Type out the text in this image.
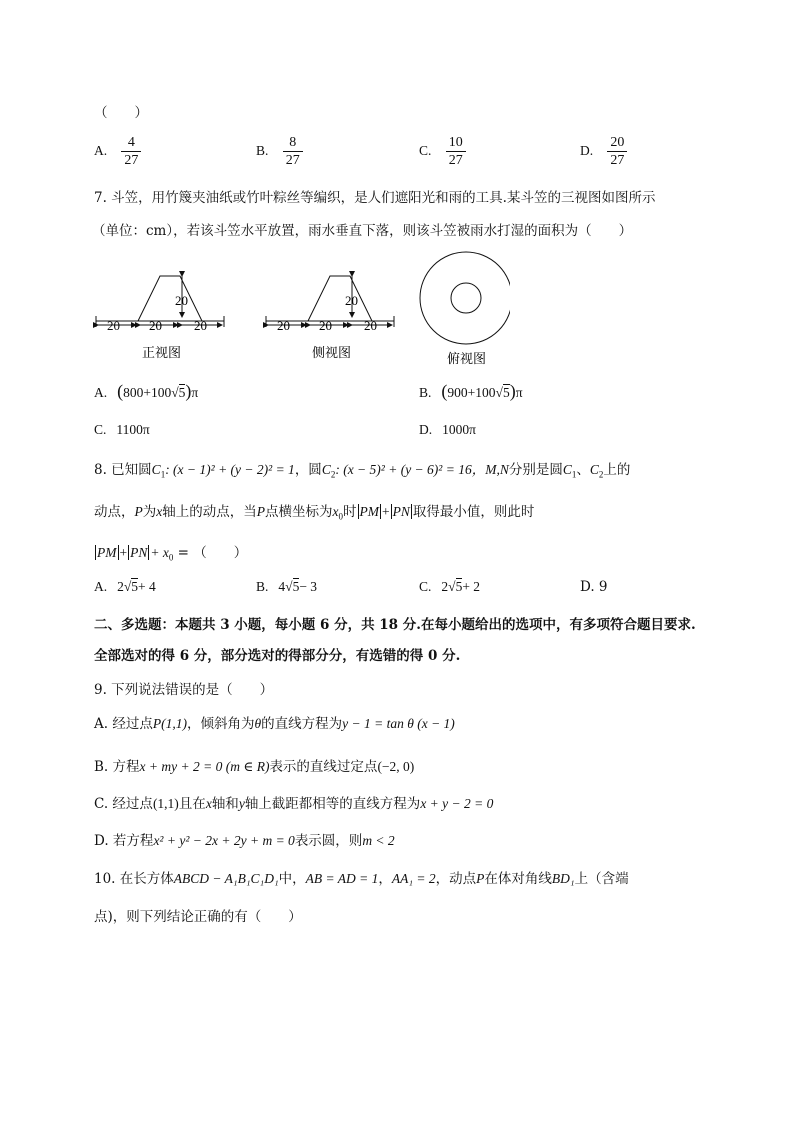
（　　）
A. $\frac{4}{27}$	B. $\frac{8}{27}$	C. $\frac{10}{27}$	D. $\frac{20}{27}$
7. 斗笠，用竹篾夹油纸或竹叶粽丝等编织，是人们遮阳光和雨的工具.某斗笠的三视图如图所示
（单位：cm），若该斗笠水平放置，雨水垂直下落，则该斗笠被雨水打湿的面积为（　　）
20
20 20 20
正视图
20
20 20 20
侧视图	俯视图
A. (800+100√5)π	B. (900+100√5)π
C. 1100π	D. 1000π
8. 已知圆$C_1$: (x − 1)² + (y − 2)² = 1，圆$C_2$: (x − 5)² + (y − 6)² = 16，M,N分别是圆$C_1$、$C_2$上的
动点，P为x轴上的动点，当P点横坐标为$x_0$时 PM + PN 取得最小值，则此时
PM + PN + $x_0$ = （　　）
A. 2√5+ 4	B. 4√5− 3	C. 2√5+ 2	D. 9
二、多选题：本题共 3 小题，每小题 6 分，共 18 分.在每小题给出的选项中，有多项符合题目要求.
全部选对的得 6 分，部分选对的得部分分，有选错的得 0 分.
9. 下列说法错误的是（　　）
A. 经过点P(1,1)，倾斜角为θ的直线方程为y − 1 = tan θ (x − 1)
B. 方程x + my + 2 = 0 (m ∈ R)表示的直线过定点(−2, 0)
C. 经过点(1,1)且在x轴和y轴上截距都相等的直线方程为x + y − 2 = 0
D. 若方程x² + y² − 2x + 2y + m = 0表示圆，则m < 2
10. 在长方体ABCD − A₁B₁C₁D₁中，AB = AD = 1，AA₁ = 2，动点P在体对角线BD₁上（含端
点)，则下列结论正确的有（　　）
